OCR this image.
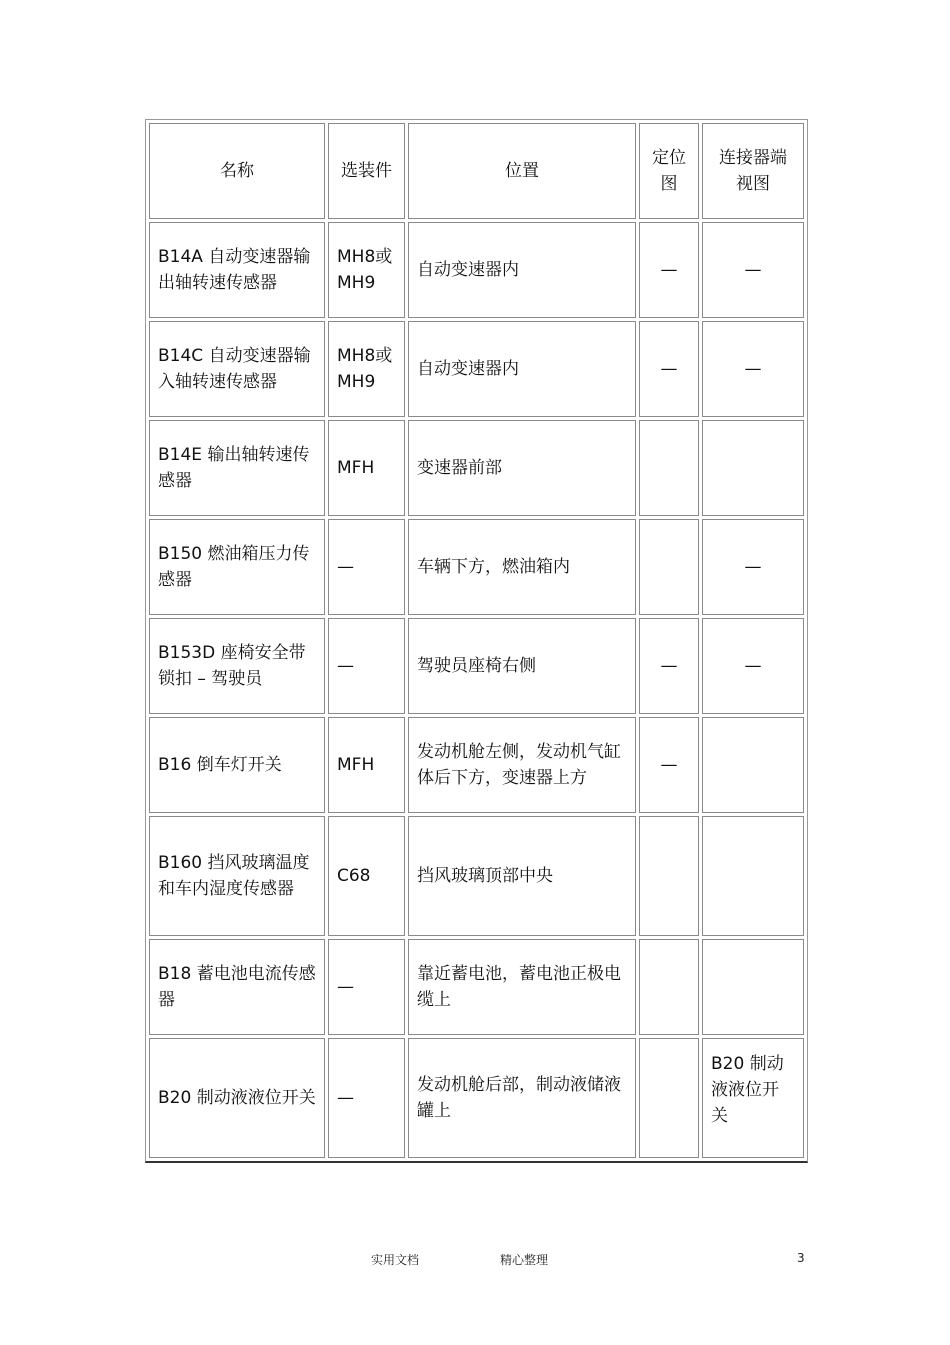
名称	选装件	位置	定位图	连接器端视图
B14A 自动变速器输出轴转速传感器	MH8或MH9	自动变速器内	—	—
B14C 自动变速器输入轴转速传感器	MH8或MH9	自动变速器内	—	—
B14E 输出轴转速传感器	MFH	变速器前部		
B150 燃油箱压力传感器	—	车辆下方，燃油箱内		—
B153D 座椅安全带锁扣 – 驾驶员	—	驾驶员座椅右侧	—	—
B16 倒车灯开关	MFH	发动机舱左侧，发动机气缸体后下方，变速器上方	—	
B160 挡风玻璃温度和车内湿度传感器	C68	挡风玻璃顶部中央		
B18 蓄电池电流传感器	—	靠近蓄电池，蓄电池正极电缆上		
B20 制动液液位开关	—	发动机舱后部，制动液储液罐上		B20 制动液液位开关
实用文档	精心整理	3
